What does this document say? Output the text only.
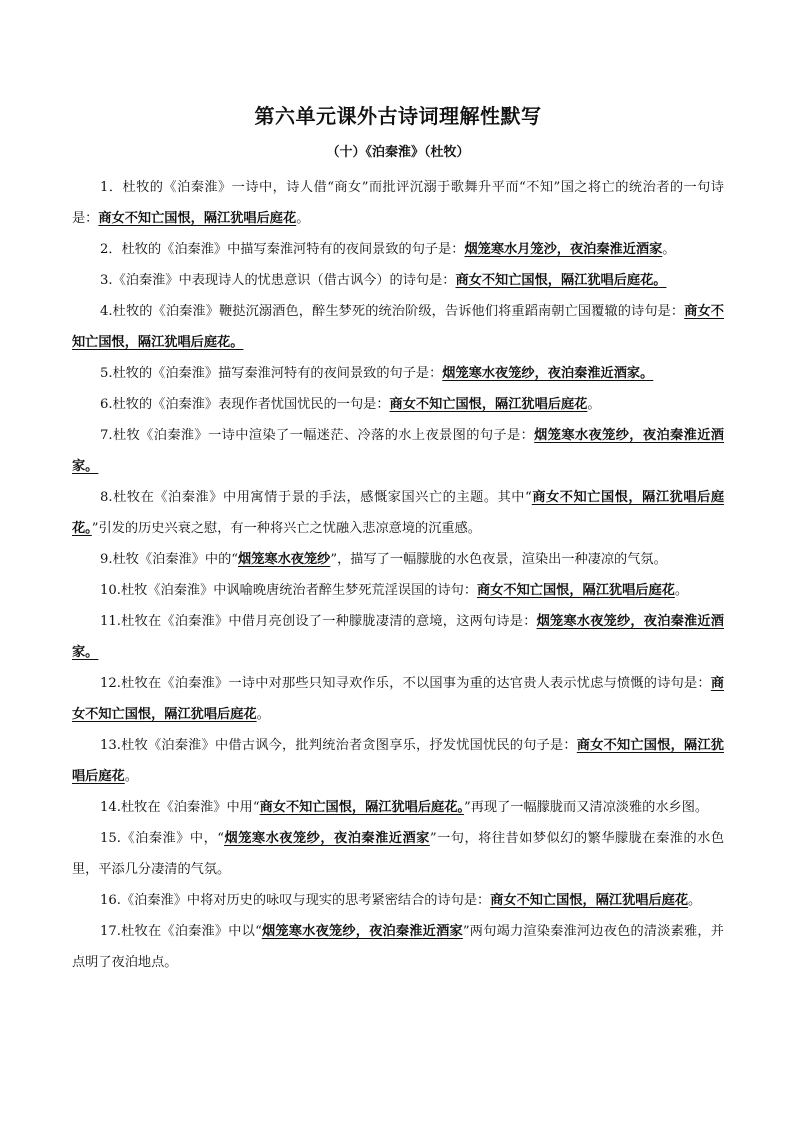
第六单元课外古诗词理解性默写
（十）《泊秦淮》（杜牧）

1．杜牧的《泊秦淮》一诗中，诗人借“商女”而批评沉溺于歌舞升平而“不知”国之将亡的统治者的一句诗是：商女不知亡国恨，隔江犹唱后庭花。

2．杜牧的《泊秦淮》中描写秦淮河特有的夜间景致的句子是：烟笼寒水月笼沙，夜泊秦淮近酒家。

3.《泊秦淮》中表现诗人的忧患意识（借古讽今）的诗句是：商女不知亡国恨，隔江犹唱后庭花。

4.杜牧的《泊秦淮》鞭挞沉溺酒色，醉生梦死的统治阶级，告诉他们将重蹈南朝亡国覆辙的诗句是：商女不知亡国恨，隔江犹唱后庭花。

5.杜牧的《泊秦淮》描写秦淮河特有的夜间景致的句子是：烟笼寒水夜笼纱，夜泊秦淮近酒家。

6.杜牧的《泊秦淮》表现作者忧国忧民的一句是：商女不知亡国恨，隔江犹唱后庭花。

7.杜牧《泊秦淮》一诗中渲染了一幅迷茫、冷落的水上夜景图的句子是：烟笼寒水夜笼纱，夜泊秦淮近酒家。

8.杜牧在《泊秦淮》中用寓情于景的手法，感慨家国兴亡的主题。其中“商女不知亡国恨，隔江犹唱后庭花。”引发的历史兴衰之慰，有一种将兴亡之忧融入悲凉意境的沉重感。

9.杜牧《泊秦淮》中的“烟笼寒水夜笼纱”，描写了一幅朦胧的水色夜景，渲染出一种凄凉的气氛。

10.杜牧《泊秦淮》中讽喻晚唐统治者醉生梦死荒淫误国的诗句：商女不知亡国恨，隔江犹唱后庭花。

11.杜牧在《泊秦淮》中借月亮创设了一种朦胧凄清的意境，这两句诗是：烟笼寒水夜笼纱，夜泊秦淮近酒家。

12.杜牧在《泊秦淮》一诗中对那些只知寻欢作乐，不以国事为重的达官贵人表示忧虑与愤慨的诗句是：商女不知亡国恨，隔江犹唱后庭花。

13.杜牧《泊秦淮》中借古讽今，批判统治者贪图享乐，抒发忧国忧民的句子是：商女不知亡国恨，隔江犹唱后庭花。

14.杜牧在《泊秦淮》中用“商女不知亡国恨，隔江犹唱后庭花。”再现了一幅朦胧而又清凉淡雅的水乡图。

15.《泊秦淮》中，“烟笼寒水夜笼纱，夜泊秦淮近酒家”一句，将往昔如梦似幻的繁华朦胧在秦淮的水色里，平添几分凄清的气氛。

16.《泊秦淮》中将对历史的咏叹与现实的思考紧密结合的诗句是：商女不知亡国恨，隔江犹唱后庭花。

17.杜牧在《泊秦淮》中以“烟笼寒水夜笼纱，夜泊秦淮近酒家”两句竭力渲染秦淮河边夜色的清淡素雅，并点明了夜泊地点。
